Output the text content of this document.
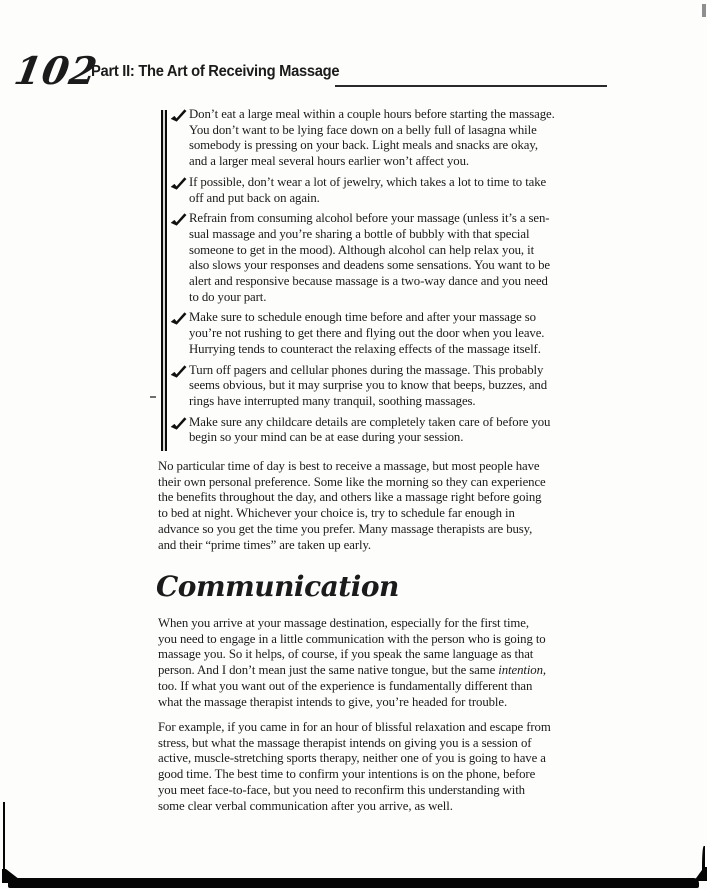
102
Part II: The Art of Receiving Massage
Don’t eat a large meal within a couple hours before starting the massage.
You don’t want to be lying face down on a belly full of lasagna while
somebody is pressing on your back. Light meals and snacks are okay,
and a larger meal several hours earlier won’t affect you.
If possible, don’t wear a lot of jewelry, which takes a lot to time to take
off and put back on again.
Refrain from consuming alcohol before your massage (unless it’s a sen-
sual massage and you’re sharing a bottle of bubbly with that special
someone to get in the mood). Although alcohol can help relax you, it
also slows your responses and deadens some sensations. You want to be
alert and responsive because massage is a two-way dance and you need
to do your part.
Make sure to schedule enough time before and after your massage so
you’re not rushing to get there and flying out the door when you leave.
Hurrying tends to counteract the relaxing effects of the massage itself.
Turn off pagers and cellular phones during the massage. This probably
seems obvious, but it may surprise you to know that beeps, buzzes, and
rings have interrupted many tranquil, soothing massages.
Make sure any childcare details are completely taken care of before you
begin so your mind can be at ease during your session.
No particular time of day is best to receive a massage, but most people have
their own personal preference. Some like the morning so they can experience
the benefits throughout the day, and others like a massage right before going
to bed at night. Whichever your choice is, try to schedule far enough in
advance so you get the time you prefer. Many massage therapists are busy,
and their “prime times” are taken up early.
Communication
When you arrive at your massage destination, especially for the first time,
you need to engage in a little communication with the person who is going to
massage you. So it helps, of course, if you speak the same language as that
person. And I don’t mean just the same native tongue, but the same intention,
too. If what you want out of the experience is fundamentally different than
what the massage therapist intends to give, you’re headed for trouble.
For example, if you came in for an hour of blissful relaxation and escape from
stress, but what the massage therapist intends on giving you is a session of
active, muscle-stretching sports therapy, neither one of you is going to have a
good time. The best time to confirm your intentions is on the phone, before
you meet face-to-face, but you need to reconfirm this understanding with
some clear verbal communication after you arrive, as well.
